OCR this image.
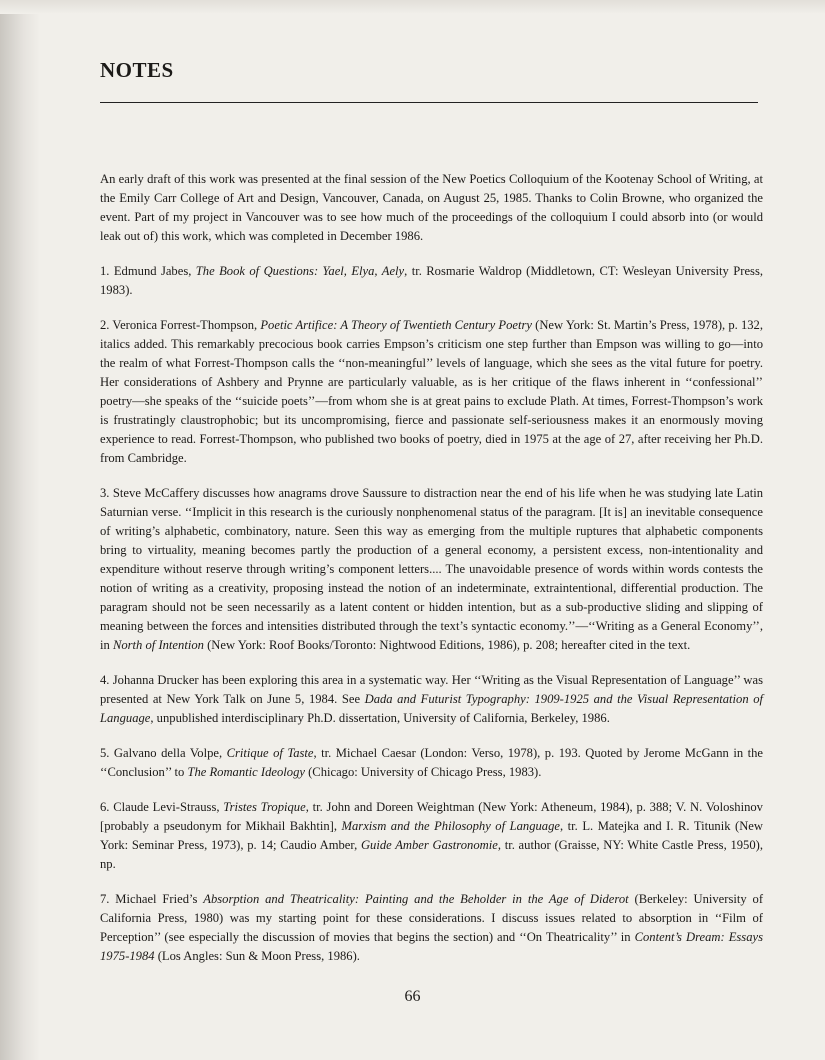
NOTES

An early draft of this work was presented at the final session of the New Poetics Colloquium of the Kootenay School of Writing, at the Emily Carr College of Art and Design, Vancouver, Canada, on August 25, 1985. Thanks to Colin Browne, who organized the event. Part of my project in Vancouver was to see how much of the proceedings of the colloquium I could absorb into (or would leak out of) this work, which was completed in December 1986.

1. Edmund Jabes, The Book of Questions: Yael, Elya, Aely, tr. Rosmarie Waldrop (Middletown, CT: Wesleyan University Press, 1983).

2. Veronica Forrest-Thompson, Poetic Artifice: A Theory of Twentieth Century Poetry (New York: St. Martin’s Press, 1978), p. 132, italics added. This remarkably precocious book carries Empson’s criticism one step further than Empson was willing to go—into the realm of what Forrest-Thompson calls the ‘‘non-meaningful’’ levels of language, which she sees as the vital future for poetry. Her considerations of Ashbery and Prynne are particularly valuable, as is her critique of the flaws inherent in ‘‘confessional’’ poetry—she speaks of the ‘‘suicide poets’’—from whom she is at great pains to exclude Plath. At times, Forrest-Thompson’s work is frustratingly claustrophobic; but its uncompromising, fierce and passionate self-seriousness makes it an enormously moving experience to read. Forrest-Thompson, who published two books of poetry, died in 1975 at the age of 27, after receiving her Ph.D. from Cambridge.

3. Steve McCaffery discusses how anagrams drove Saussure to distraction near the end of his life when he was studying late Latin Saturnian verse. ‘‘Implicit in this research is the curiously nonphenomenal status of the paragram. [It is] an inevitable consequence of writing’s alphabetic, combinatory, nature. Seen this way as emerging from the multiple ruptures that alphabetic components bring to virtuality, meaning becomes partly the production of a general economy, a persistent excess, non-intentionality and expenditure without reserve through writing’s component letters.... The unavoidable presence of words within words contests the notion of writing as a creativity, proposing instead the notion of an indeterminate, extraintentional, differential production. The paragram should not be seen necessarily as a latent content or hidden intention, but as a sub-productive sliding and slipping of meaning between the forces and intensities distributed through the text’s syntactic economy.’’—‘‘Writing as a General Economy’’, in North of Intention (New York: Roof Books/Toronto: Nightwood Editions, 1986), p. 208; hereafter cited in the text.

4. Johanna Drucker has been exploring this area in a systematic way. Her ‘‘Writing as the Visual Representation of Language’’ was presented at New York Talk on June 5, 1984. See Dada and Futurist Typography: 1909-1925 and the Visual Representation of Language, unpublished interdisciplinary Ph.D. dissertation, University of California, Berkeley, 1986.

5. Galvano della Volpe, Critique of Taste, tr. Michael Caesar (London: Verso, 1978), p. 193. Quoted by Jerome McGann in the ‘‘Conclusion’’ to The Romantic Ideology (Chicago: University of Chicago Press, 1983).

6. Claude Levi-Strauss, Tristes Tropique, tr. John and Doreen Weightman (New York: Atheneum, 1984), p. 388; V. N. Voloshinov [probably a pseudonym for Mikhail Bakhtin], Marxism and the Philosophy of Language, tr. L. Matejka and I. R. Titunik (New York: Seminar Press, 1973), p. 14; Caudio Amber, Guide Amber Gastronomie, tr. author (Graisse, NY: White Castle Press, 1950), np.

7. Michael Fried’s Absorption and Theatricality: Painting and the Beholder in the Age of Diderot (Berkeley: University of California Press, 1980) was my starting point for these considerations. I discuss issues related to absorption in ‘‘Film of Perception’’ (see especially the discussion of movies that begins the section) and ‘‘On Theatricality’’ in Content’s Dream: Essays 1975-1984 (Los Angles: Sun & Moon Press, 1986).

66
